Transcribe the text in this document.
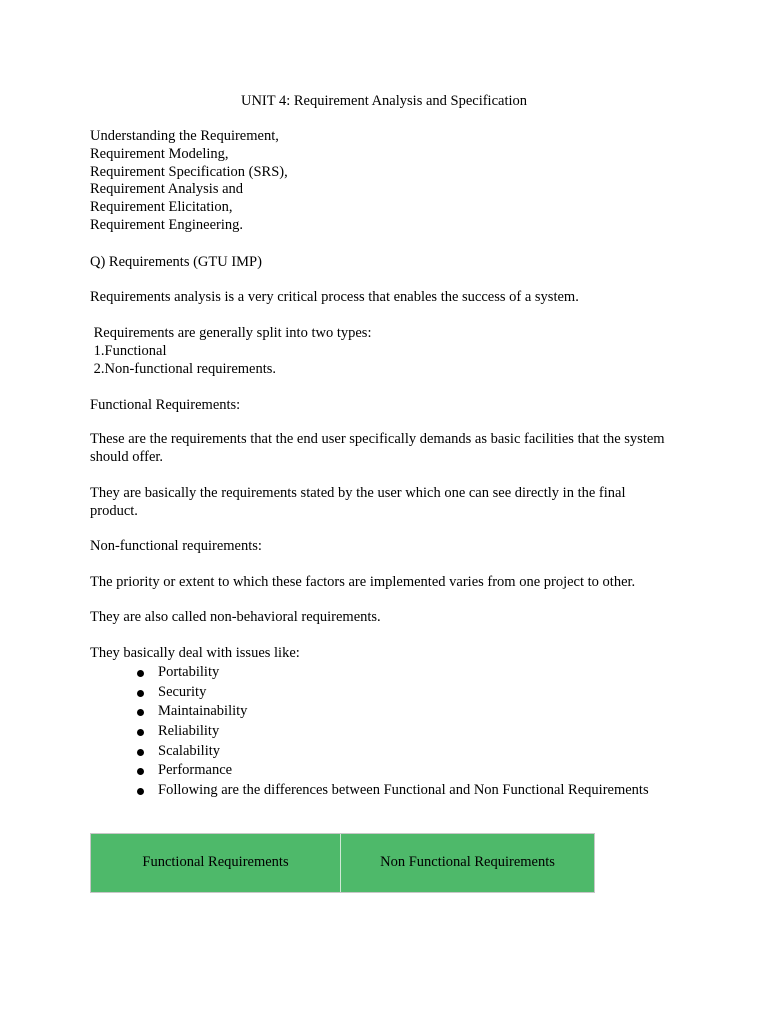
UNIT 4: Requirement Analysis and Specification
Understanding the Requirement,
Requirement Modeling,
Requirement Specification (SRS),
Requirement Analysis and
Requirement Elicitation,
Requirement Engineering.
Q) Requirements (GTU IMP)
Requirements analysis is a very critical process that enables the success of a system.
Requirements are generally split into two types:
1.Functional
2.Non-functional requirements.
Functional Requirements:
These are the requirements that the end user specifically demands as basic facilities that the system should offer.
They are basically the requirements stated by the user which one can see directly in the final product.
Non-functional requirements:
The priority or extent to which these factors are implemented varies from one project to other.
They are also called non-behavioral requirements.
They basically deal with issues like:
Portability
Security
Maintainability
Reliability
Scalability
Performance
Following are the differences between Functional and Non Functional Requirements
Functional Requirements	Non Functional Requirements
